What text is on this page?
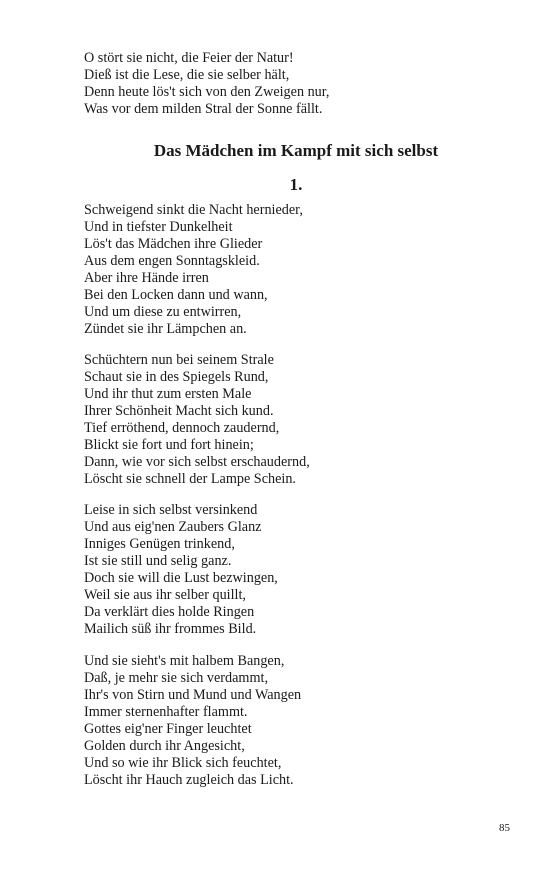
O stört sie nicht, die Feier der Natur!
Dieß ist die Lese, die sie selber hält,
Denn heute lös't sich von den Zweigen nur,
Was vor dem milden Stral der Sonne fällt.
Das Mädchen im Kampf mit sich selbst
1.
Schweigend sinkt die Nacht hernieder,
Und in tiefster Dunkelheit
Lös't das Mädchen ihre Glieder
Aus dem engen Sonntagskleid.
Aber ihre Hände irren
Bei den Locken dann und wann,
Und um diese zu entwirren,
Zündet sie ihr Lämpchen an.
Schüchtern nun bei seinem Strale
Schaut sie in des Spiegels Rund,
Und ihr thut zum ersten Male
Ihrer Schönheit Macht sich kund.
Tief erröthend, dennoch zaudernd,
Blickt sie fort und fort hinein;
Dann, wie vor sich selbst erschaudernd,
Löscht sie schnell der Lampe Schein.
Leise in sich selbst versinkend
Und aus eig'nen Zaubers Glanz
Inniges Genügen trinkend,
Ist sie still und selig ganz.
Doch sie will die Lust bezwingen,
Weil sie aus ihr selber quillt,
Da verklärt dies holde Ringen
Mailich süß ihr frommes Bild.
Und sie sieht's mit halbem Bangen,
Daß, je mehr sie sich verdammt,
Ihr's von Stirn und Mund und Wangen
Immer sternenhafter flammt.
Gottes eig'ner Finger leuchtet
Golden durch ihr Angesicht,
Und so wie ihr Blick sich feuchtet,
Löscht ihr Hauch zugleich das Licht.
85
